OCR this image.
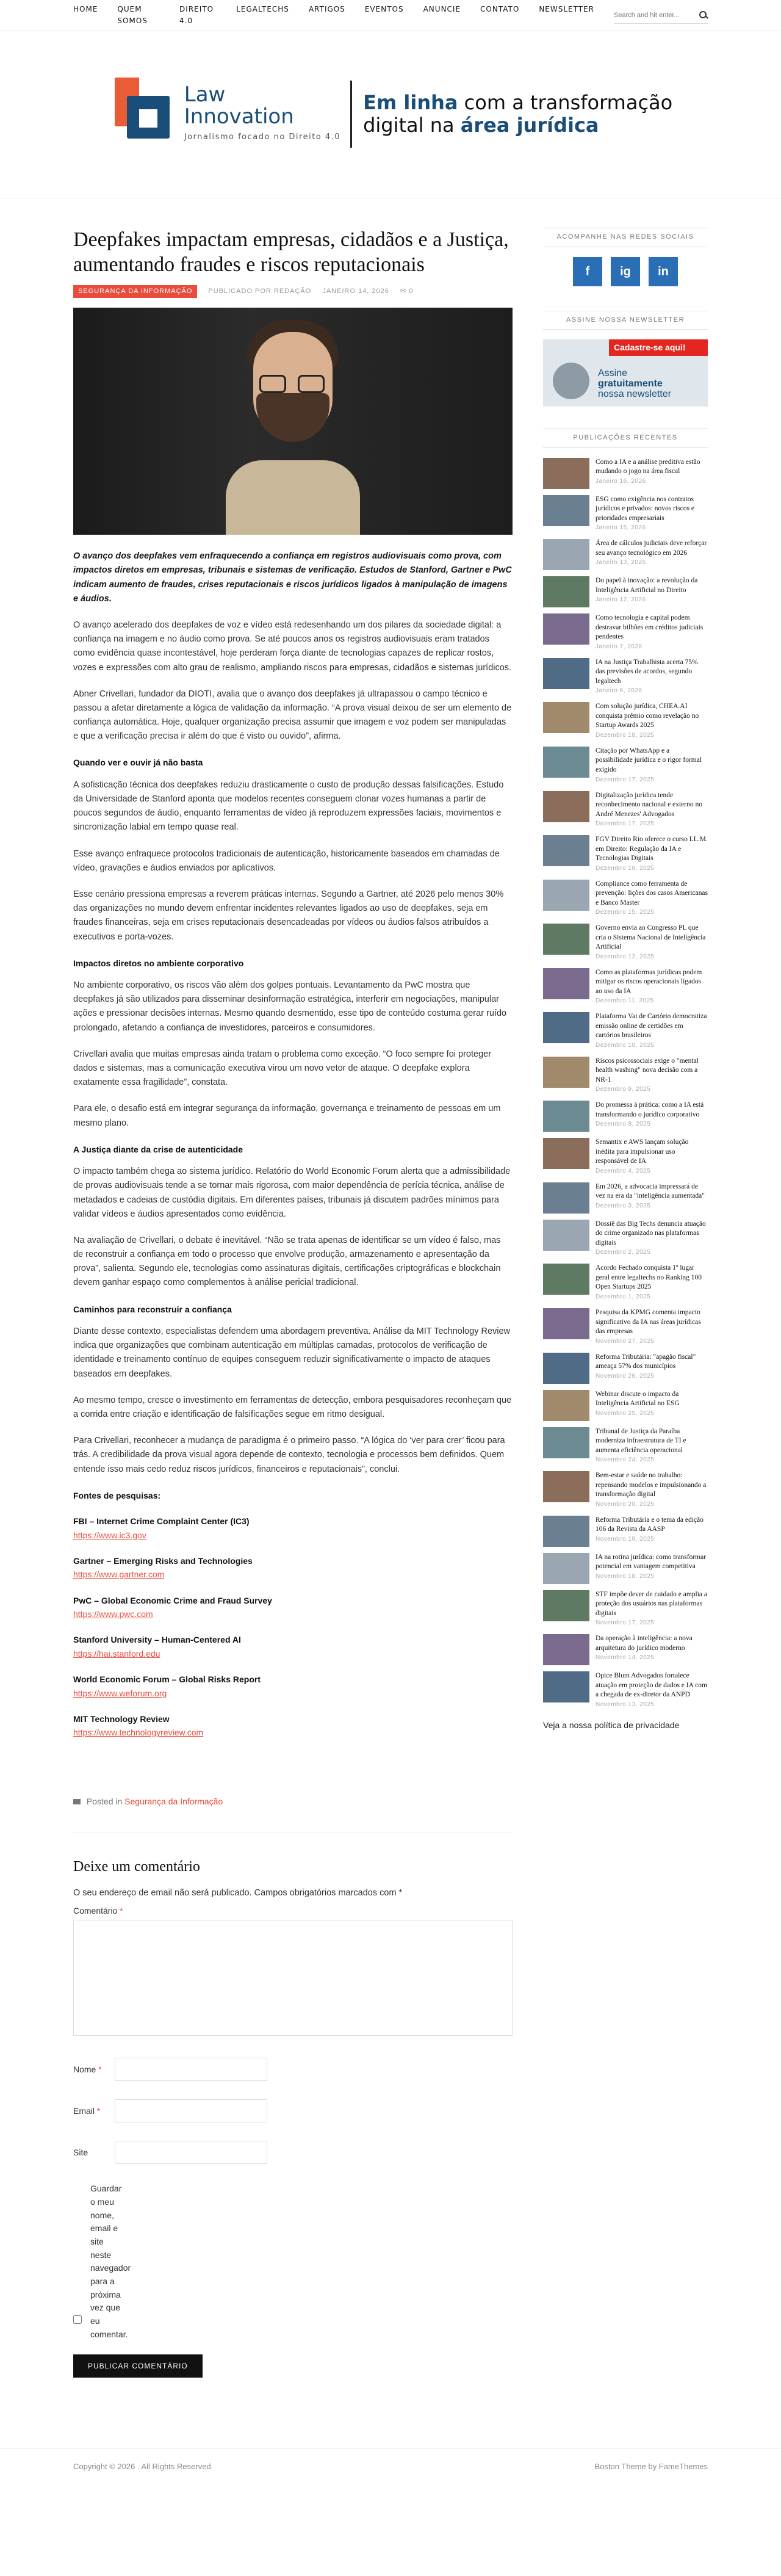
HOME	QUEM SOMOS
DIREITO 4.0
LEGALTECHS	ARTIGOS	EVENTOS	ANUNCIE	CONTATO	NEWSLETTER
Search and hit enter...
Law
Innovation
Jornalismo focado no Direito 4.0
Em linha com a transformação
digital na área jurídica
Deepfakes impactam empresas, cidadãos e a Justiça, aumentando fraudes e riscos reputacionais
SEGURANÇA DA INFORMAÇÃO	PUBLICADO POR REDAÇÃO JANEIRO 14, 2026 ✉ 0

O avanço dos deepfakes vem enfraquecendo a confiança em registros audiovisuais como prova, com impactos diretos em empresas, tribunais e sistemas de verificação. Estudos de Stanford, Gartner e PwC indicam aumento de fraudes, crises reputacionais e riscos jurídicos ligados à manipulação de imagens e áudios.

O avanço acelerado dos deepfakes de voz e vídeo está redesenhando um dos pilares da sociedade digital: a confiança na imagem e no áudio como prova. Se até poucos anos os registros audiovisuais eram tratados como evidência quase incontestável, hoje perderam força diante de tecnologias capazes de replicar rostos, vozes e expressões com alto grau de realismo, ampliando riscos para empresas, cidadãos e sistemas jurídicos.

Abner Crivellari, fundador da DIOTI, avalia que o avanço dos deepfakes já ultrapassou o campo técnico e passou a afetar diretamente a lógica de validação da informação. “A prova visual deixou de ser um elemento de confiança automática. Hoje, qualquer organização precisa assumir que imagem e voz podem ser manipuladas e que a verificação precisa ir além do que é visto ou ouvido”, afirma.

Quando ver e ouvir já não basta

A sofisticação técnica dos deepfakes reduziu drasticamente o custo de produção dessas falsificações. Estudo da Universidade de Stanford aponta que modelos recentes conseguem clonar vozes humanas a partir de poucos segundos de áudio, enquanto ferramentas de vídeo já reproduzem expressões faciais, movimentos e sincronização labial em tempo quase real.

Esse avanço enfraquece protocolos tradicionais de autenticação, historicamente baseados em chamadas de vídeo, gravações e áudios enviados por aplicativos.

Esse cenário pressiona empresas a reverem práticas internas. Segundo a Gartner, até 2026 pelo menos 30% das organizações no mundo devem enfrentar incidentes relevantes ligados ao uso de deepfakes, seja em fraudes financeiras, seja em crises reputacionais desencadeadas por vídeos ou áudios falsos atribuídos a executivos e porta-vozes.

Impactos diretos no ambiente corporativo

No ambiente corporativo, os riscos vão além dos golpes pontuais. Levantamento da PwC mostra que deepfakes já são utilizados para disseminar desinformação estratégica, interferir em negociações, manipular ações e pressionar decisões internas. Mesmo quando desmentido, esse tipo de conteúdo costuma gerar ruído prolongado, afetando a confiança de investidores, parceiros e consumidores.

Crivellari avalia que muitas empresas ainda tratam o problema como exceção. “O foco sempre foi proteger dados e sistemas, mas a comunicação executiva virou um novo vetor de ataque. O deepfake explora exatamente essa fragilidade”, constata.

Para ele, o desafio está em integrar segurança da informação, governança e treinamento de pessoas em um mesmo plano.

A Justiça diante da crise de autenticidade

O impacto também chega ao sistema jurídico. Relatório do World Economic Forum alerta que a admissibilidade de provas audiovisuais tende a se tornar mais rigorosa, com maior dependência de perícia técnica, análise de metadados e cadeias de custódia digitais. Em diferentes países, tribunais já discutem padrões mínimos para validar vídeos e áudios apresentados como evidência.

Na avaliação de Crivellari, o debate é inevitável. “Não se trata apenas de identificar se um vídeo é falso, mas de reconstruir a confiança em todo o processo que envolve produção, armazenamento e apresentação da prova”, salienta. Segundo ele, tecnologias como assinaturas digitais, certificações criptográficas e blockchain devem ganhar espaço como complementos à análise pericial tradicional.

Caminhos para reconstruir a confiança

Diante desse contexto, especialistas defendem uma abordagem preventiva. Análise da MIT Technology Review indica que organizações que combinam autenticação em múltiplas camadas, protocolos de verificação de identidade e treinamento contínuo de equipes conseguem reduzir significativamente o impacto de ataques baseados em deepfakes.

Ao mesmo tempo, cresce o investimento em ferramentas de detecção, embora pesquisadores reconheçam que a corrida entre criação e identificação de falsificações segue em ritmo desigual.

Para Crivellari, reconhecer a mudança de paradigma é o primeiro passo. “A lógica do ‘ver para crer’ ficou para trás. A credibilidade da prova visual agora depende de contexto, tecnologia e processos bem definidos. Quem entende isso mais cedo reduz riscos jurídicos, financeiros e reputacionais”, conclui.

Fontes de pesquisas:
FBI – Internet Crime Complaint Center (IC3)
https://www.ic3.gov
Gartner – Emerging Risks and Technologies
https://www.gartner.com
PwC – Global Economic Crime and Fraud Survey
https://www.pwc.com
Stanford University – Human-Centered AI
https://hai.stanford.edu
World Economic Forum – Global Risks Report
https://www.weforum.org
MIT Technology Review
https://www.technologyreview.com
Posted in Segurança da Informação
Deixe um comentário

O seu endereço de email não será publicado. Campos obrigatórios marcados com *

Comentário *
Nome *
Email *
Site
Guardar o meu nome, email e site neste navegador para a próxima vez que eu comentar.
PUBLICAR COMENTÁRIO
ACOMPANHE NAS REDES SOCIAIS
f	ig	in
ASSINE NOSSA NEWSLETTER
Cadastre-se aqui!
Assine
gratuitamente
nossa newsletter
PUBLICAÇÕES RECENTES
Como a IA e a análise preditiva estão mudando o jogo na área fiscal
Janeiro 16, 2026
ESG como exigência nos contratos jurídicos e privados: novos riscos e prioridades empresariais
Janeiro 15, 2026
Área de cálculos judiciais deve reforçar seu avanço tecnológico em 2026
Janeiro 13, 2026
Do papel à inovação: a revolução da Inteligência Artificial no Direito
Janeiro 12, 2026
Como tecnologia e capital podem destravar bilhões em créditos judiciais pendentes
Janeiro 7, 2026
IA na Justiça Trabalhista acerta 75% das previsões de acordos, segundo legaltech
Janeiro 6, 2026
Com solução jurídica, CHEA.AI conquista prêmio como revelação no Startup Awards 2025
Dezembro 18, 2025
Citação por WhatsApp e a possibilidade jurídica e o rigor formal exigido
Dezembro 17, 2025
Digitalização jurídica tende reconhecimento nacional e externo no André Menezes' Advogados
Dezembro 17, 2025
FGV Direito Rio oferece o curso LL.M. em Direito: Regulação da IA e Tecnologias Digitais
Dezembro 16, 2025
Compliance como ferramenta de prevenção: lições dos casos Americanas e Banco Master
Dezembro 15, 2025
Governo envia ao Congresso PL que cria o Sistema Nacional de Inteligência Artificial
Dezembro 12, 2025
Como as plataformas jurídicas podem mitigar os riscos operacionais ligados ao uso da IA
Dezembro 11, 2025
Plataforma Vai de Cartório democratiza emissão online de certidões em cartórios brasileiros
Dezembro 10, 2025
Riscos psicossociais exige o "mental health washing" nova decisão com a NR-1
Dezembro 9, 2025
Do promessa à prática: como a IA está transformando o jurídico corporativo
Dezembro 8, 2025
Semantix e AWS lançam solução inédita para impulsionar uso responsável de IA
Dezembro 4, 2025
Em 2026, a advocacia impressará de vez na era da "inteligência aumentada"
Dezembro 3, 2025
Dossiê das Big Techs denuncia atuação do crime organizado nas plataformas digitais
Dezembro 2, 2025
Acordo Fechado conquista 1º lugar geral entre legaltechs no Ranking 100 Open Startups 2025
Dezembro 1, 2025
Pesquisa da KPMG comenta impacto significativo da IA nas áreas jurídicas das empresas
Novembro 27, 2025
Reforma Tributária: "apagão fiscal" ameaça 57% dos municípios
Novembro 26, 2025
Webinar discute o impacto da Inteligência Artificial no ESG
Novembro 25, 2025
Tribunal de Justiça da Paraíba moderniza infraestrutura de TI e aumenta eficiência operacional
Novembro 24, 2025
Bem-estar e saúde no trabalho: repensando modelos e impulsionando a transformação digital
Novembro 20, 2025
Reforma Tributária e o tema da edição 106 da Revista da AASP
Novembro 19, 2025
IA na rotina jurídica: como transformar potencial em vantagem competitiva
Novembro 18, 2025
STF impõe dever de cuidado e amplia a proteção dos usuários nas plataformas digitais
Novembro 17, 2025
Da operação à inteligência: a nova arquitetura do jurídico moderno
Novembro 14, 2025
Opice Blum Advogados fortalece atuação em proteção de dados e IA com a chegada de ex-diretor da ANPD
Novembro 13, 2025
Veja a nossa política de privacidade
Copyright © 2026 . All Rights Reserved.	Boston Theme by FameThemes
